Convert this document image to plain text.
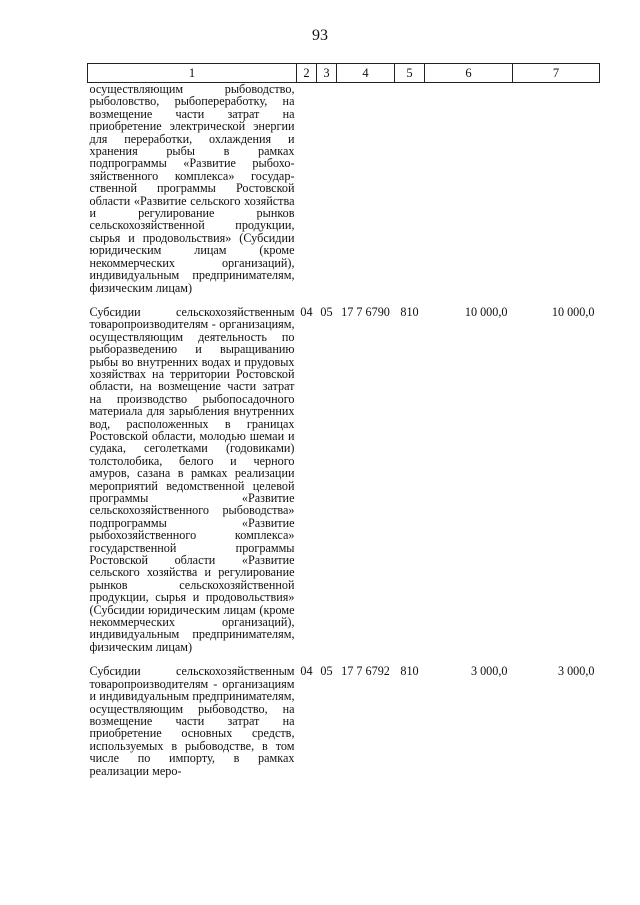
93
1	2	3	4	5	6	7
осуществляющим рыбоводство, рыболовство, рыбопереработку, на возмещение части затрат на приобретение электрической энергии для переработки, охлаждения и хранения рыбы в рамках подпрограммы «Развитие рыбохозяйственного комплекса» государственной программы Ростовской области «Развитие сельского хозяйства и регулирование рынков сельскохозяйственной продукции, сырья и продовольствия» (Субсидии юридическим лицам (кроме некоммерческих организаций), индивидуальным предпринимателям, физическим лицам)						
Субсидии сельскохозяйственным товаропроизводителям - организациям, осуществляющим деятельность по рыборазведению и выращиванию рыбы во внутренних водах и прудовых хозяйствах на территории Ростовской области, на возмещение части затрат на производство рыбопосадочного материала для зарыбления внутренних вод, расположенных в границах Ростовской области, молодью шемаи и судака, сеголетками (годовиками) толстолобика, белого и черного амуров, сазана в рамках реализации мероприятий ведомственной целевой программы «Развитие сельскохозяйственного рыбоводства» подпрограммы «Развитие рыбохозяйственного комплекса» государственной программы Ростовской области «Развитие сельского хозяйства и регулирование рынков сельскохозяйственной продукции, сырья и продовольствия» (Субсидии юридическим лицам (кроме некоммерческих организаций), индивидуальным предпринимателям, физическим лицам)	04	05	17 7 6790	810	10 000,0	10 000,0
Субсидии сельскохозяйственным товаропроизводителям - организациям и индивидуальным предпринимателям, осуществляющим рыбоводство, на возмещение части затрат на приобретение основных средств, используемых в рыбоводстве, в том числе по импорту, в рамках реализации меро-	04	05	17 7 6792	810	3 000,0	3 000,0
